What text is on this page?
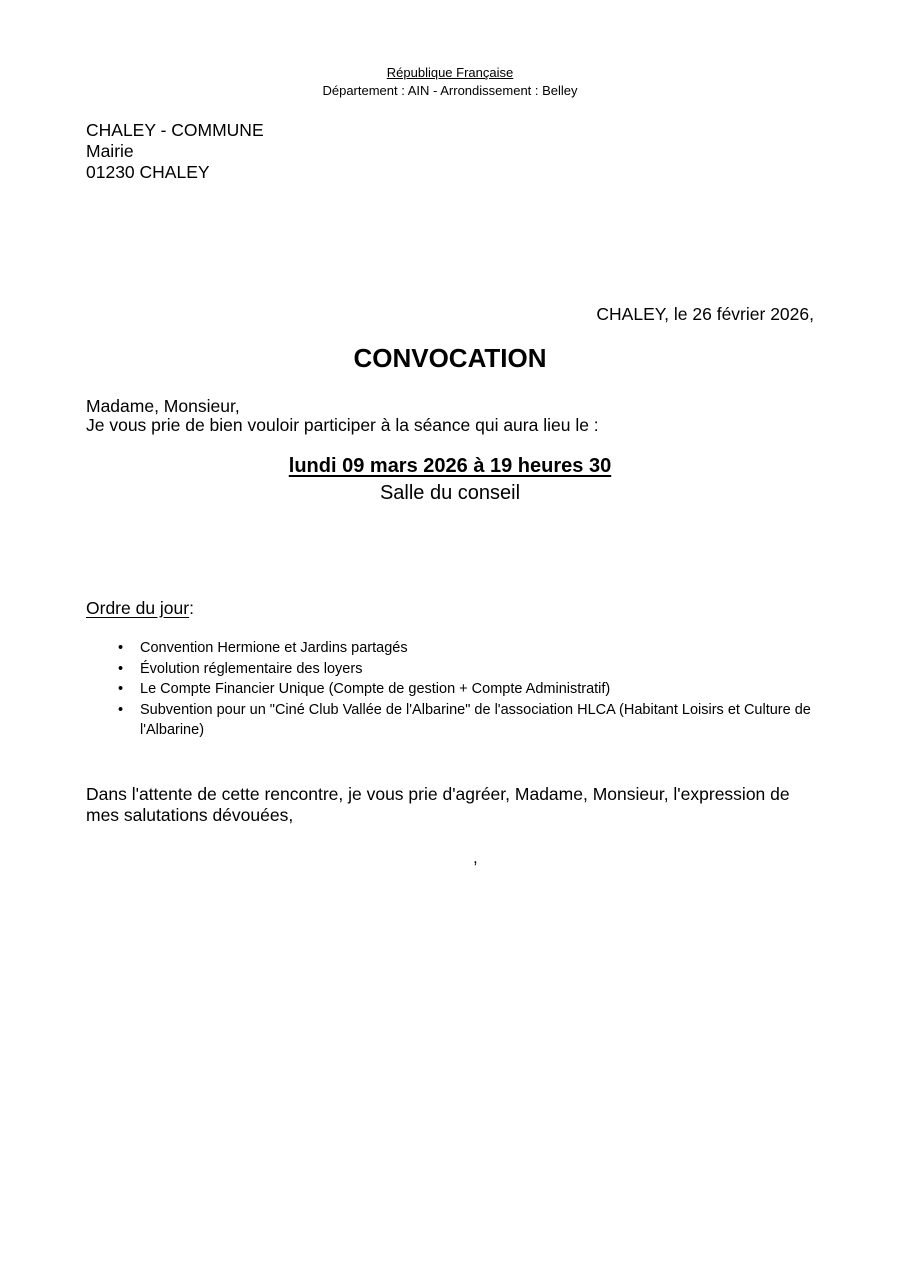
République Française
Département : AIN - Arrondissement : Belley
CHALEY - COMMUNE
Mairie
01230 CHALEY
CHALEY, le 26 février 2026,
CONVOCATION
Madame, Monsieur,
Je vous prie de bien vouloir participer à la séance qui aura lieu le :
lundi 09 mars 2026 à 19 heures 30
Salle du conseil
Ordre du jour:
• Convention Hermione et Jardins partagés
• Évolution réglementaire des loyers
• Le Compte Financier Unique (Compte de gestion + Compte Administratif)
• Subvention pour un "Ciné Club Vallée de l'Albarine" de l'association HLCA (Habitant Loisirs et Culture de l'Albarine)
Dans l'attente de cette rencontre, je vous prie d'agréer, Madame, Monsieur, l'expression de mes salutations dévouées,
,
